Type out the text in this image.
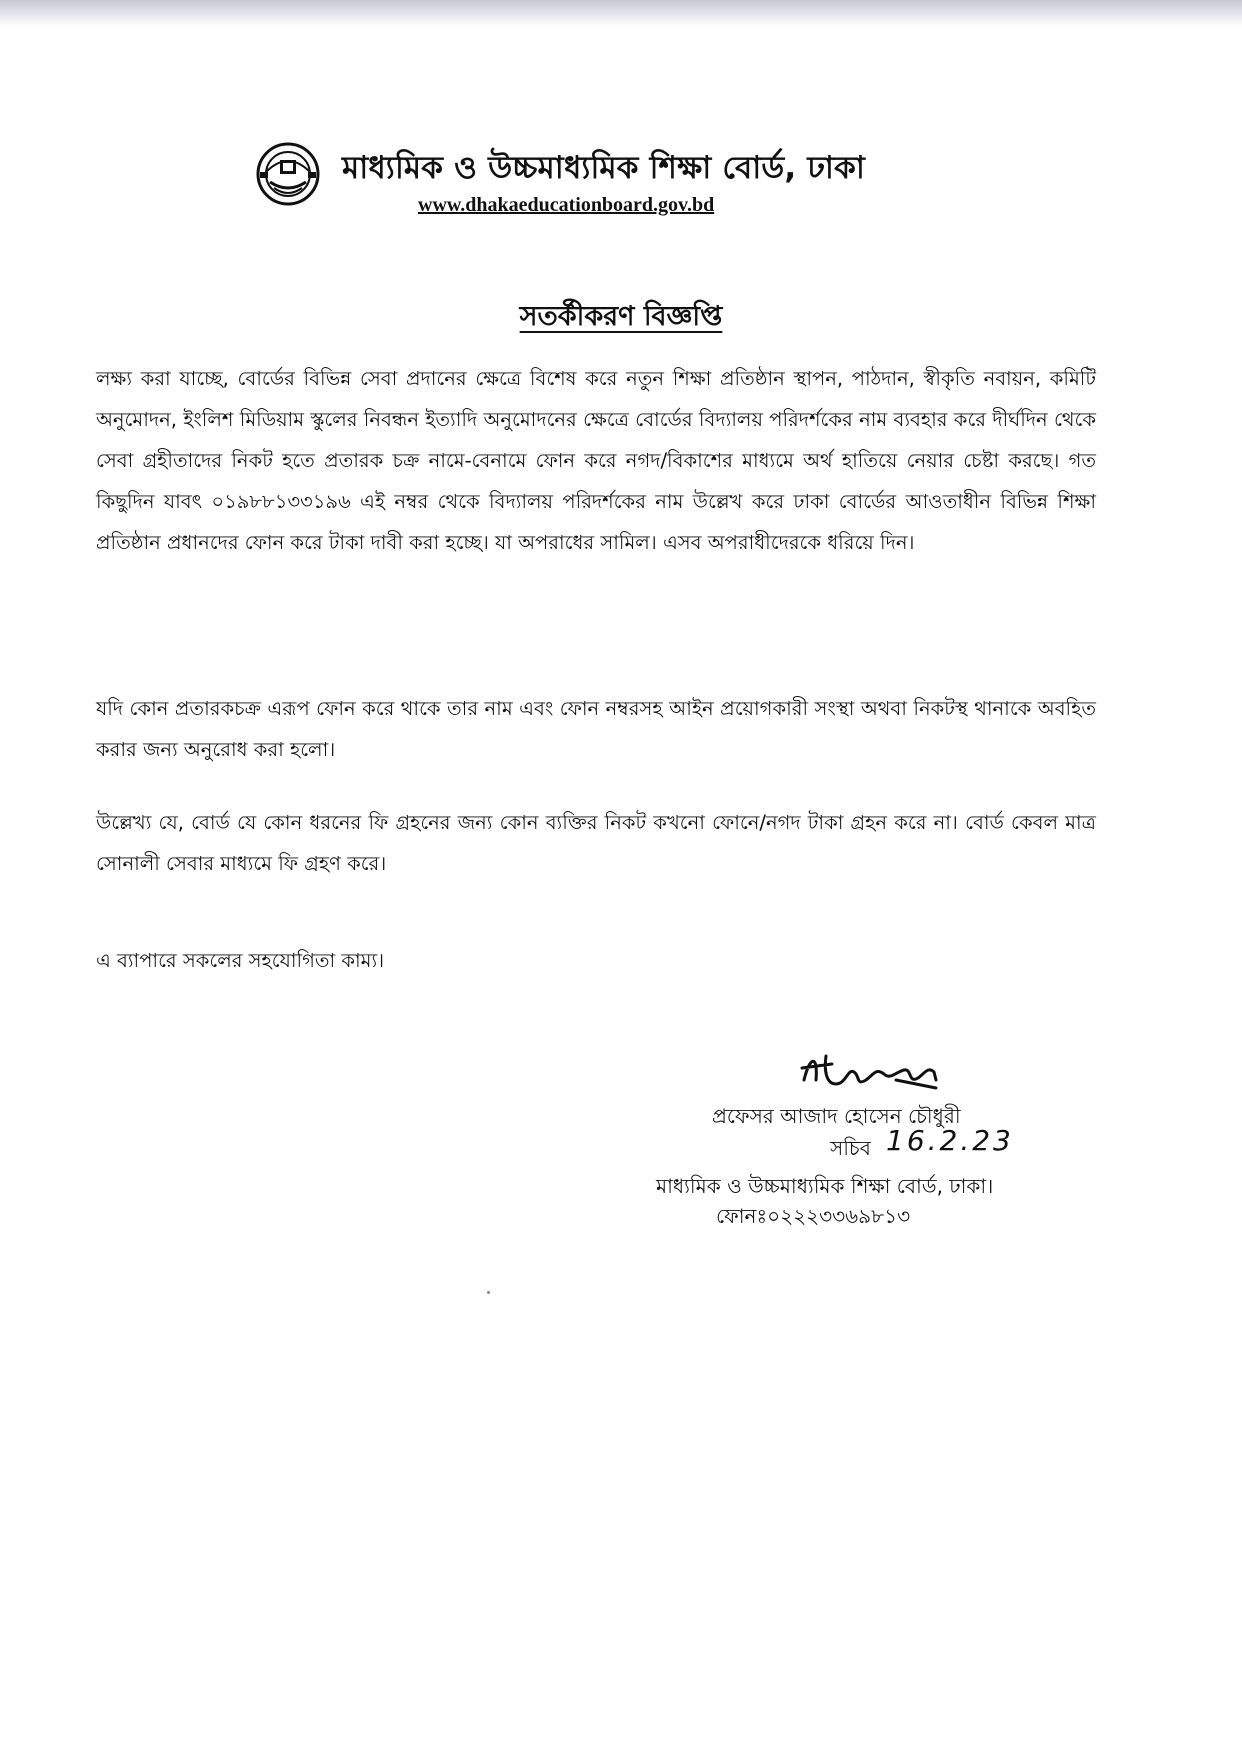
মাধ্যমিক ও উচ্চমাধ্যমিক শিক্ষা বোর্ড, ঢাকা
www.dhakaeducationboard.gov.bd
সতর্কীকরণ বিজ্ঞপ্তি

লক্ষ্য করা যাচ্ছে, বোর্ডের বিভিন্ন সেবা প্রদানের ক্ষেত্রে বিশেষ করে নতুন শিক্ষা প্রতিষ্ঠান স্থাপন, পাঠদান, স্বীকৃতি নবায়ন, কমিটি অনুমোদন, ইংলিশ মিডিয়াম স্কুলের নিবন্ধন ইত্যাদি অনুমোদনের ক্ষেত্রে বোর্ডের বিদ্যালয় পরিদর্শকের নাম ব্যবহার করে দীর্ঘদিন থেকে সেবা গ্রহীতাদের নিকট হতে প্রতারক চক্র নামে-বেনামে ফোন করে নগদ/বিকাশের মাধ্যমে অর্থ হাতিয়ে নেয়ার চেষ্টা করছে। গত কিছুদিন যাবৎ ০১৯৮৮১৩৩১৯৬ এই নম্বর থেকে বিদ্যালয় পরিদর্শকের নাম উল্লেখ করে ঢাকা বোর্ডের আওতাধীন বিভিন্ন শিক্ষা প্রতিষ্ঠান প্রধানদের ফোন করে টাকা দাবী করা হচ্ছে। যা অপরাধের সামিল। এসব অপরাধীদেরকে ধরিয়ে দিন।

যদি কোন প্রতারকচক্র এরূপ ফোন করে থাকে তার নাম এবং ফোন নম্বরসহ আইন প্রয়োগকারী সংস্থা অথবা নিকটস্থ থানাকে অবহিত করার জন্য অনুরোধ করা হলো।

উল্লেখ্য যে, বোর্ড যে কোন ধরনের ফি গ্রহনের জন্য কোন ব্যক্তির নিকট কখনো ফোনে/নগদ টাকা গ্রহন করে না। বোর্ড কেবল মাত্র সোনালী সেবার মাধ্যমে ফি গ্রহণ করে।

এ ব্যাপারে সকলের সহযোগিতা কাম্য।

প্রফেসর আজাদ হোসেন চৌধুরী
সচিব 16.2.23
মাধ্যমিক ও উচ্চমাধ্যমিক শিক্ষা বোর্ড, ঢাকা।
ফোনঃ০২২২৩৩৬৯৮১৩
